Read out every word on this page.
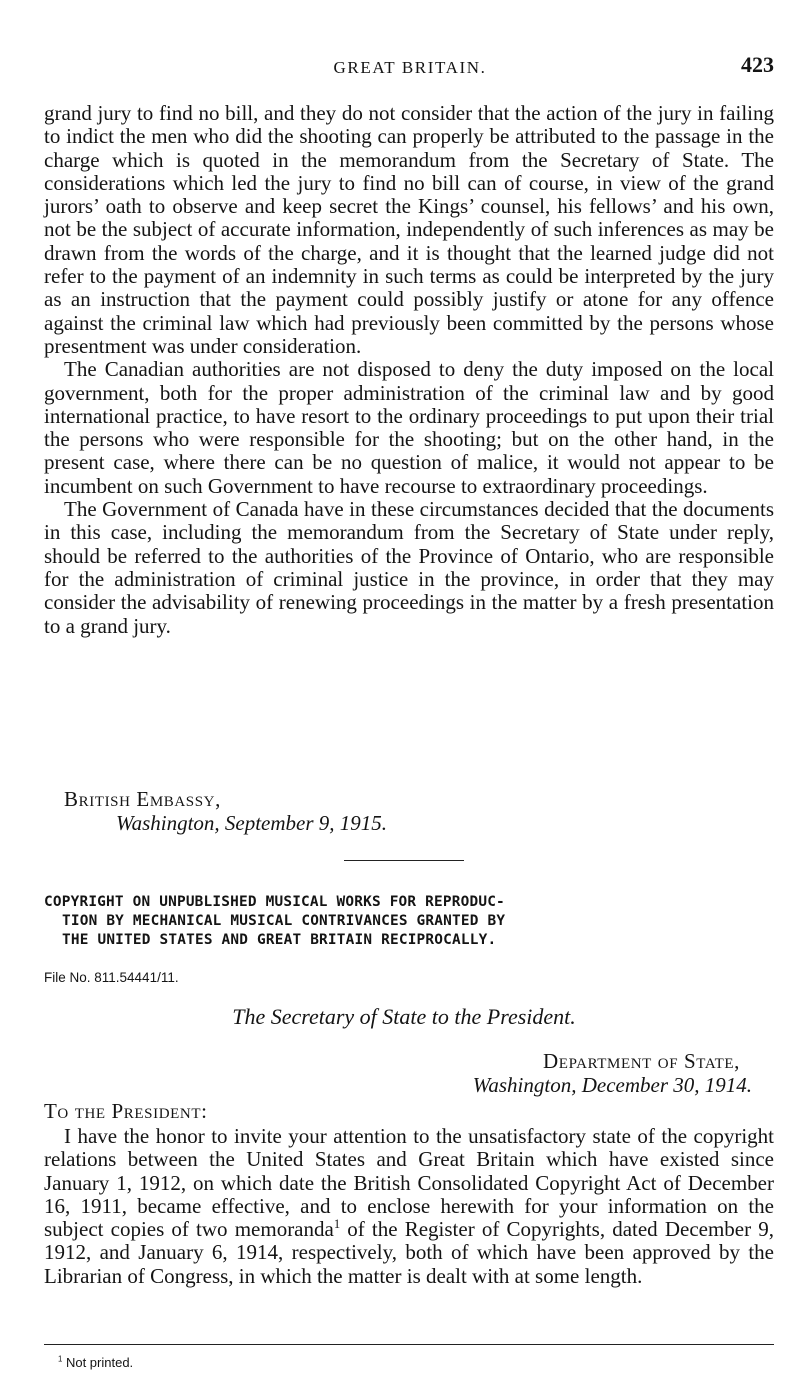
GREAT BRITAIN.	423

grand jury to find no bill, and they do not consider that the action of the jury in failing to indict the men who did the shooting can properly be attributed to the passage in the charge which is quoted in the memorandum from the Secretary of State. The considerations which led the jury to find no bill can of course, in view of the grand jurors’ oath to observe and keep secret the Kings’ counsel, his fellows’ and his own, not be the subject of accurate information, independently of such inferences as may be drawn from the words of the charge, and it is thought that the learned judge did not refer to the payment of an indemnity in such terms as could be interpreted by the jury as an instruction that the payment could possibly justify or atone for any offence against the criminal law which had previously been committed by the persons whose presentment was under consideration.

The Canadian authorities are not disposed to deny the duty imposed on the local government, both for the proper administration of the criminal law and by good international practice, to have resort to the ordinary proceedings to put upon their trial the persons who were responsible for the shooting; but on the other hand, in the present case, where there can be no question of malice, it would not appear to be incumbent on such Government to have recourse to extraordinary proceedings.

The Government of Canada have in these circumstances decided that the documents in this case, including the memorandum from the Secretary of State under reply, should be referred to the authorities of the Province of Ontario, who are responsible for the administration of criminal justice in the province, in order that they may consider the advisability of renewing proceedings in the matter by a fresh presentation to a grand jury.

British Embassy,
Washington, September 9, 1915.
COPYRIGHT ON UNPUBLISHED MUSICAL WORKS FOR REPRODUC-
TION BY MECHANICAL MUSICAL CONTRIVANCES GRANTED BY
THE UNITED STATES AND GREAT BRITAIN RECIPROCALLY.
File No. 811.54441/11.
The Secretary of State to the President.
Department of State,
Washington, December 30, 1914.
To the President:

I have the honor to invite your attention to the unsatisfactory state of the copyright relations between the United States and Great Britain which have existed since January 1, 1912, on which date the British Consolidated Copyright Act of December 16, 1911, became effective, and to enclose herewith for your information on the subject copies of two memoranda$^1$ of the Register of Copyrights, dated December 9, 1912, and January 6, 1914, respectively, both of which have been approved by the Librarian of Congress, in which the matter is dealt with at some length.

$^1$ Not printed.
